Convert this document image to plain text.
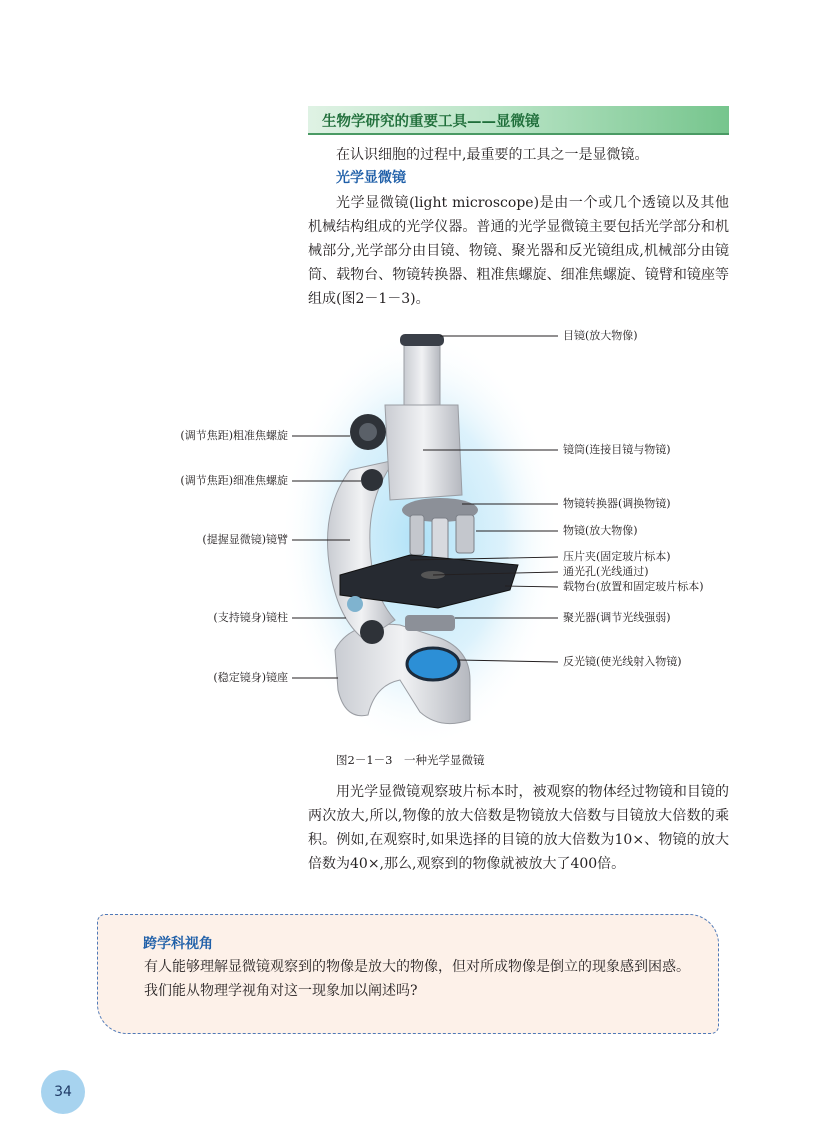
生物学研究的重要工具——显微镜

在认识细胞的过程中,最重要的工具之一是显微镜。

光学显微镜

光学显微镜(light microscope)是由一个或几个透镜以及其他机械结构组成的光学仪器。普通的光学显微镜主要包括光学部分和机械部分,光学部分由目镜、物镜、聚光器和反光镜组成,机械部分由镜筒、载物台、物镜转换器、粗准焦螺旋、细准焦螺旋、镜臂和镜座等组成(图2－1－3)。

目镜(放大物像)
镜筒(连接目镜与物镜)
物镜转换器(调换物镜)
物镜(放大物像)
压片夹(固定玻片标本)
通光孔(光线通过)
载物台(放置和固定玻片标本)
聚光器(调节光线强弱)
反光镜(使光线射入物镜)
(调节焦距)粗准焦螺旋
(调节焦距)细准焦螺旋
(提握显微镜)镜臂
(支持镜身)镜柱
(稳定镜身)镜座
图2－1－3　一种光学显微镜

用光学显微镜观察玻片标本时，被观察的物体经过物镜和目镜的两次放大,所以,物像的放大倍数是物镜放大倍数与目镜放大倍数的乘积。例如,在观察时,如果选择的目镜的放大倍数为10×、物镜的放大倍数为40×,那么,观察到的物像就被放大了400倍。

跨学科视角

有人能够理解显微镜观察到的物像是放大的物像，但对所成物像是倒立的现象感到困惑。

我们能从物理学视角对这一现象加以阐述吗?

34
